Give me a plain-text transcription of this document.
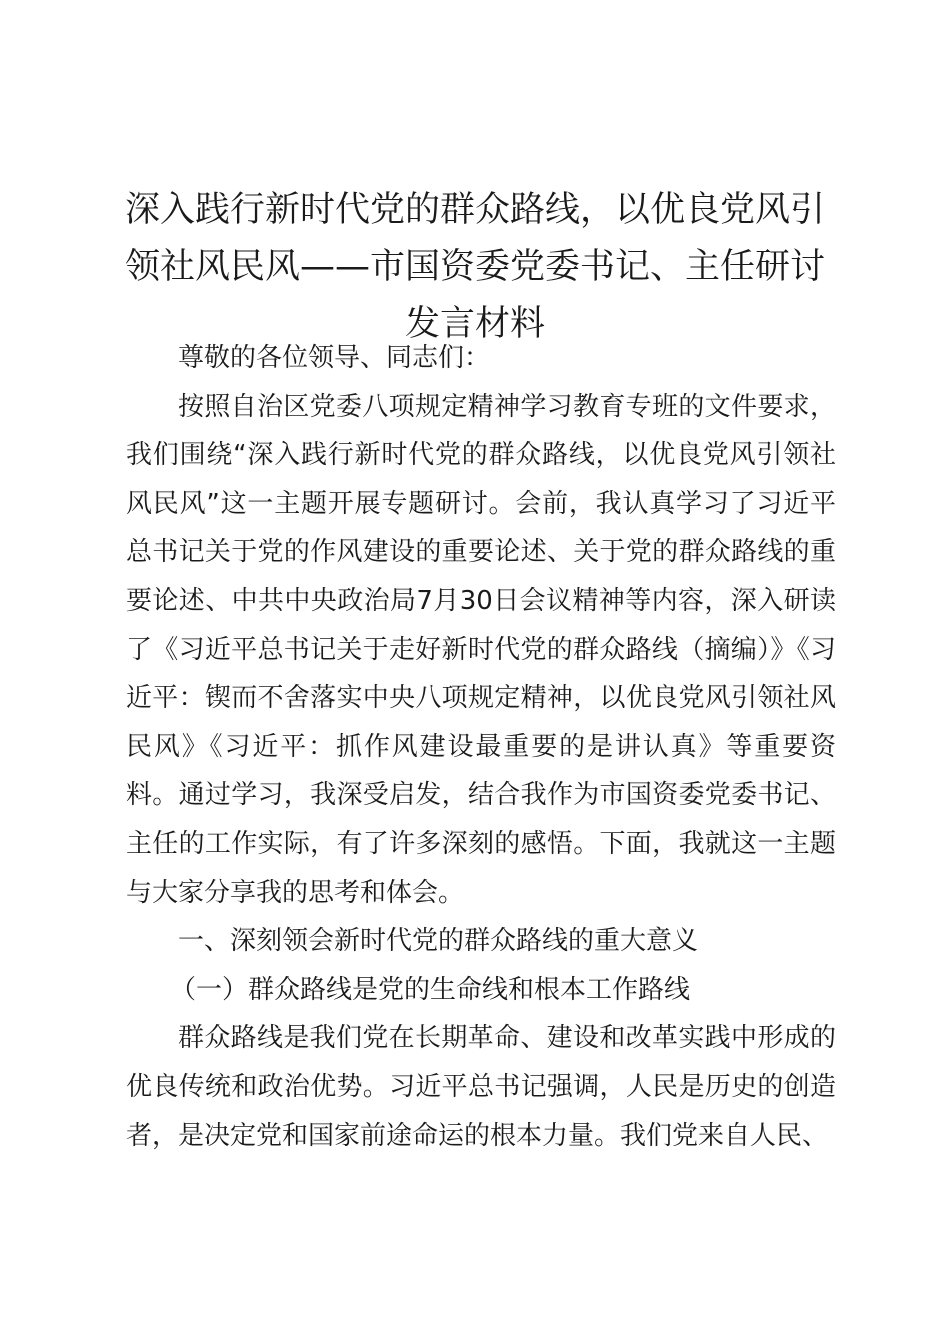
深入践行新时代党的群众路线，以优良党风引领社风民风——市国资委党委书记、主任研讨发言材料

尊敬的各位领导、同志们：

按照自治区党委八项规定精神学习教育专班的文件要求，我们围绕“深入践行新时代党的群众路线，以优良党风引领社风民风”这一主题开展专题研讨。会前，我认真学习了习近平总书记关于党的作风建设的重要论述、关于党的群众路线的重要论述、中共中央政治局7月30日会议精神等内容，深入研读了《习近平总书记关于走好新时代党的群众路线（摘编）》《习近平：锲而不舍落实中央八项规定精神，以优良党风引领社风民风》《习近平：抓作风建设最重要的是讲认真》等重要资料。通过学习，我深受启发，结合我作为市国资委党委书记、主任的工作实际，有了许多深刻的感悟。下面，我就这一主题与大家分享我的思考和体会。

一、深刻领会新时代党的群众路线的重大意义

（一）群众路线是党的生命线和根本工作路线

群众路线是我们党在长期革命、建设和改革实践中形成的优良传统和政治优势。习近平总书记强调，人民是历史的创造者，是决定党和国家前途命运的根本力量。我们党来自人民、
